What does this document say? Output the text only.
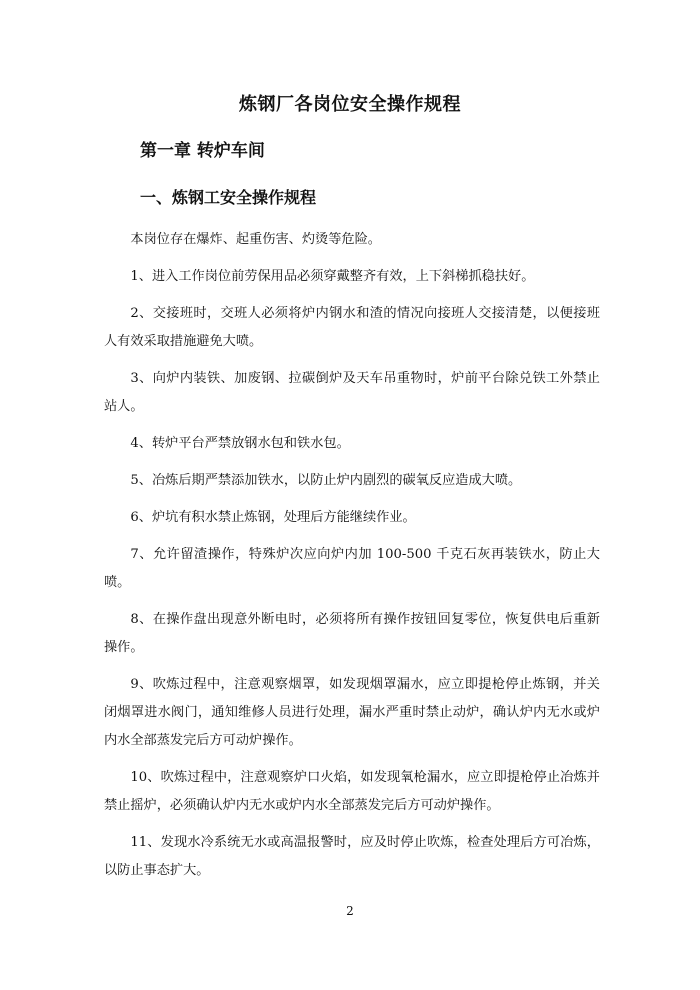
炼钢厂各岗位安全操作规程
第一章 转炉车间
一、炼钢工安全操作规程

本岗位存在爆炸、起重伤害、灼烫等危险。

1、进入工作岗位前劳保用品必须穿戴整齐有效，上下斜梯抓稳扶好。

2、交接班时，交班人必须将炉内钢水和渣的情况向接班人交接清楚，以便接班人有效采取措施避免大喷。

3、向炉内装铁、加废钢、拉碳倒炉及天车吊重物时，炉前平台除兑铁工外禁止站人。

4、转炉平台严禁放钢水包和铁水包。

5、冶炼后期严禁添加铁水，以防止炉内剧烈的碳氧反应造成大喷。

6、炉坑有积水禁止炼钢，处理后方能继续作业。

7、允许留渣操作，特殊炉次应向炉内加 100-500 千克石灰再装铁水，防止大喷。

8、在操作盘出现意外断电时，必须将所有操作按钮回复零位，恢复供电后重新操作。

9、吹炼过程中，注意观察烟罩，如发现烟罩漏水，应立即提枪停止炼钢，并关闭烟罩进水阀门，通知维修人员进行处理，漏水严重时禁止动炉，确认炉内无水或炉内水全部蒸发完后方可动炉操作。

10、吹炼过程中，注意观察炉口火焰，如发现氧枪漏水，应立即提枪停止冶炼并禁止摇炉，必须确认炉内无水或炉内水全部蒸发完后方可动炉操作。

11、发现水冷系统无水或高温报警时，应及时停止吹炼，检查处理后方可冶炼，以防止事态扩大。

2
